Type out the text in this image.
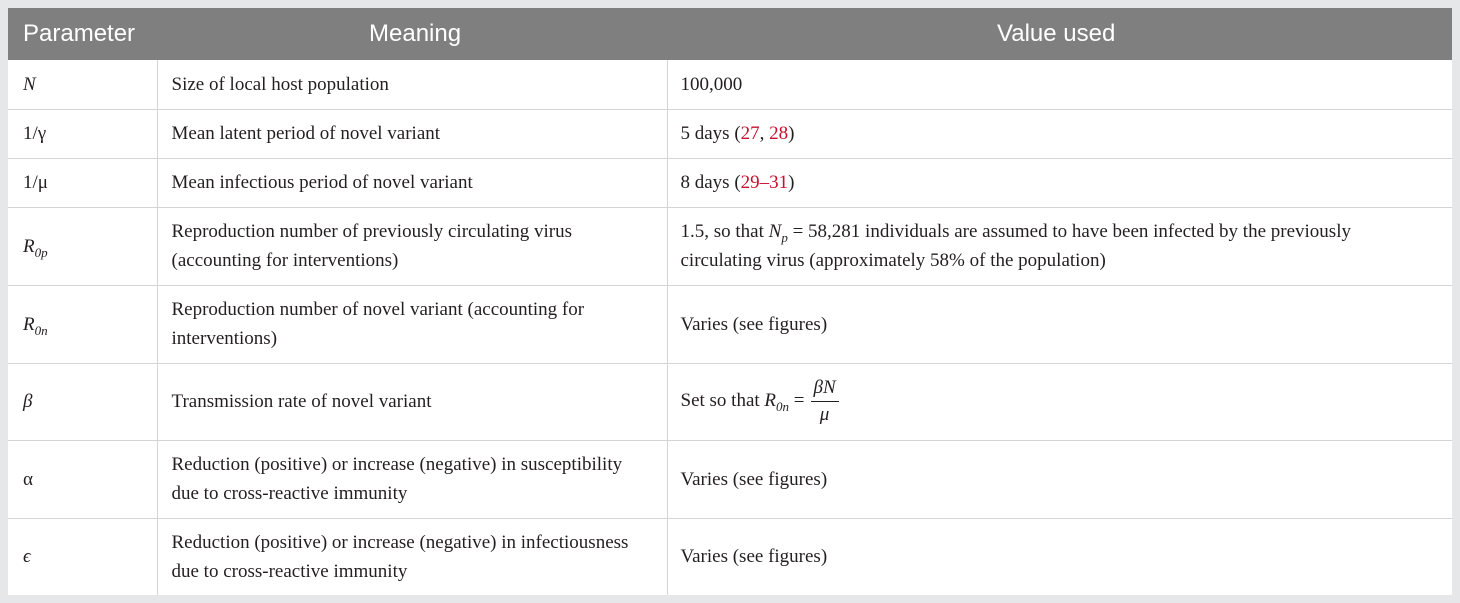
Parameter	Meaning	Value used
N	Size of local host population	100,000
1/γ	Mean latent period of novel variant	5 days (27, 28)
1/μ	Mean infectious period of novel variant	8 days (29–31)
$R_{0p}$	Reproduction number of previously circulating virus (accounting for interventions)	1.5, so that $N_p = 58,281$ individuals are assumed to have been infected by the previously circulating virus (approximately 58% of the population)
$R_{0n}$	Reproduction number of novel variant (accounting for interventions)	Varies (see figures)
β	Transmission rate of novel variant	Set so that $R_{0n} = \frac{\beta N}{\mu}$

α	Reduction (positive) or increase (negative) in susceptibility due to cross-reactive immunity	Varies (see figures)
ϵ	Reduction (positive) or increase (negative) in infectiousness due to cross-reactive immunity	Varies (see figures)
